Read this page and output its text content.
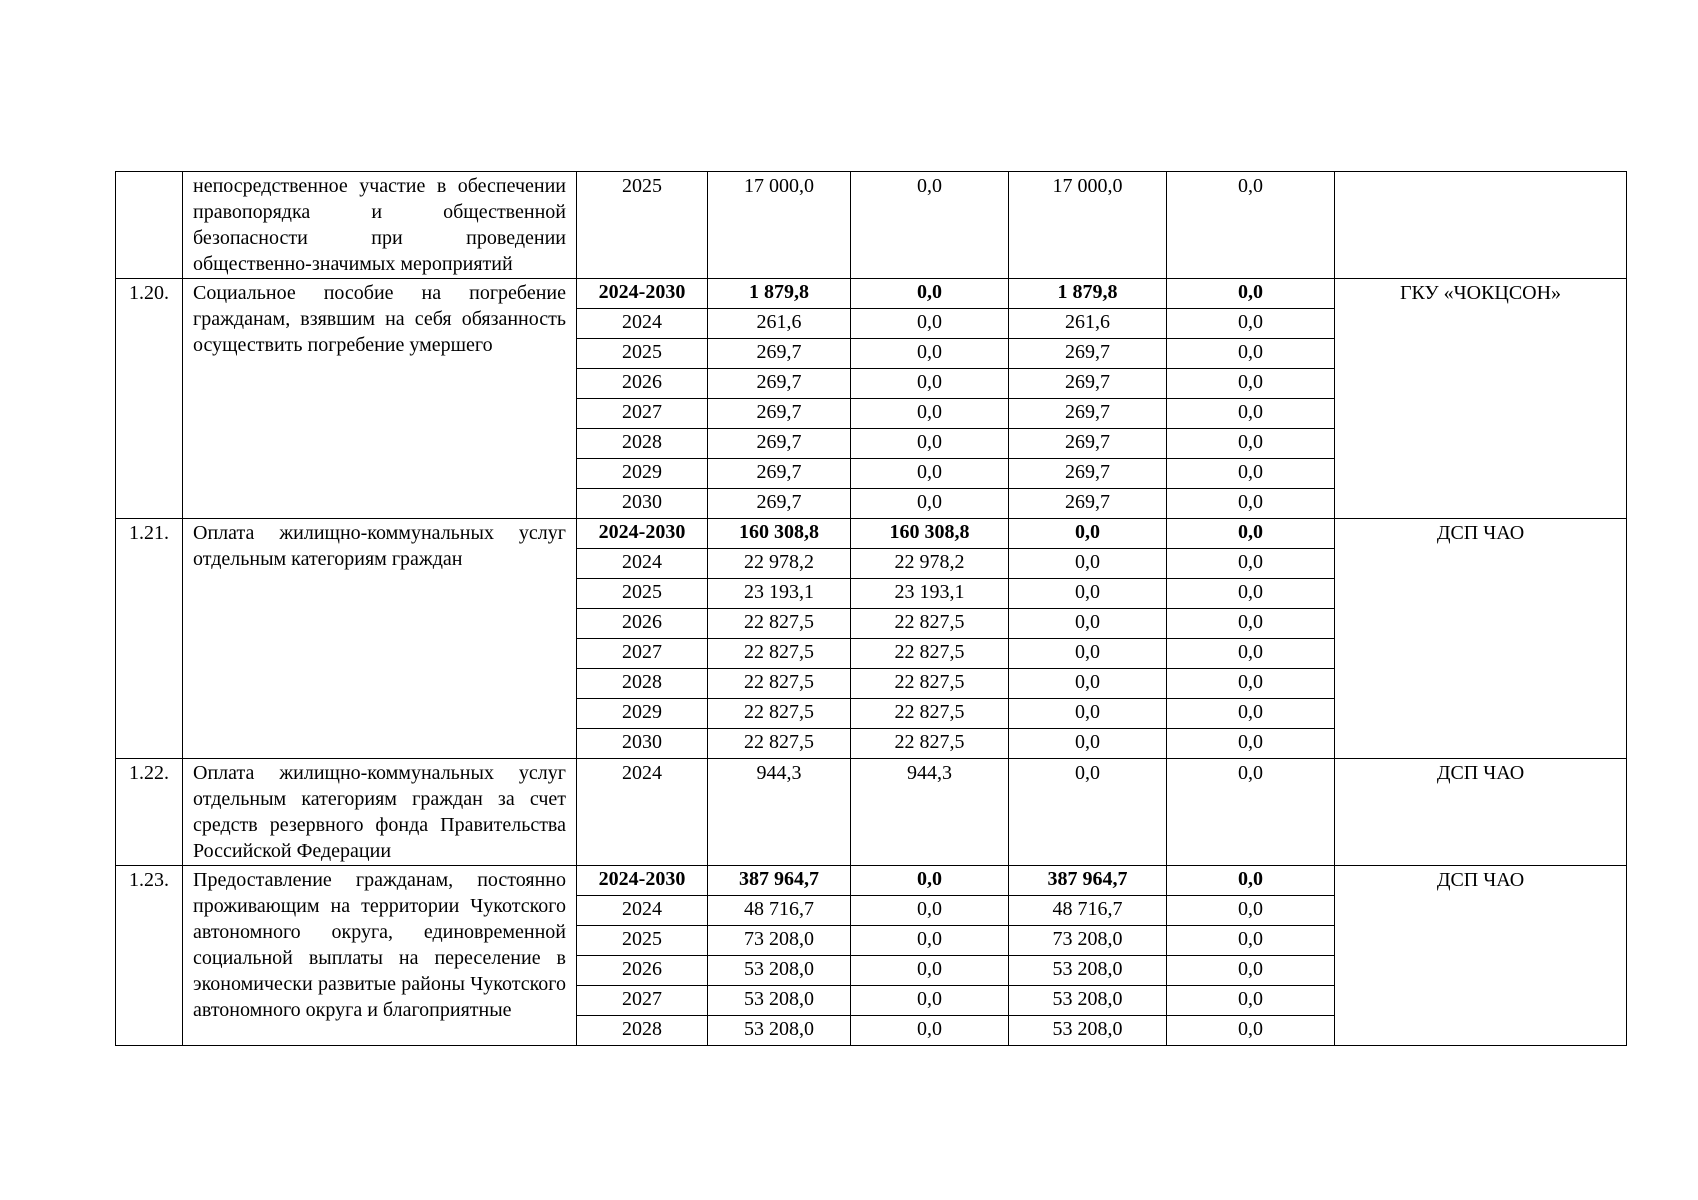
	непосредственное участие в обеспечении правопорядка и общественной безопасности при проведении общественно-значимых мероприятий	2025	17 000,0	0,0	17 000,0	0,0	
1.20.	Социальное пособие на погребение гражданам, взявшим на себя обязанность осуществить погребение умершего	2024-2030	1 879,8	0,0	1 879,8	0,0	ГКУ «ЧОКЦСОН»
		2024	261,6	0,0	261,6	0,0	
		2025	269,7	0,0	269,7	0,0	
		2026	269,7	0,0	269,7	0,0	
		2027	269,7	0,0	269,7	0,0	
		2028	269,7	0,0	269,7	0,0	
		2029	269,7	0,0	269,7	0,0	
		2030	269,7	0,0	269,7	0,0	
1.21.	Оплата жилищно-коммунальных услуг отдельным категориям граждан	2024-2030	160 308,8	160 308,8	0,0	0,0	ДСП ЧАО
		2024	22 978,2	22 978,2	0,0	0,0	
		2025	23 193,1	23 193,1	0,0	0,0	
		2026	22 827,5	22 827,5	0,0	0,0	
		2027	22 827,5	22 827,5	0,0	0,0	
		2028	22 827,5	22 827,5	0,0	0,0	
		2029	22 827,5	22 827,5	0,0	0,0	
		2030	22 827,5	22 827,5	0,0	0,0	
1.22.	Оплата жилищно-коммунальных услуг отдельным категориям граждан за счет средств резервного фонда Правительства Российской Федерации	2024	944,3	944,3	0,0	0,0	ДСП ЧАО
1.23.	Предоставление гражданам, постоянно проживающим на территории Чукотского автономного округа, единовременной социальной выплаты на переселение в экономически развитые районы Чукотского автономного округа и благоприятные	2024-2030	387 964,7	0,0	387 964,7	0,0	ДСП ЧАО
		2024	48 716,7	0,0	48 716,7	0,0	
		2025	73 208,0	0,0	73 208,0	0,0	
		2026	53 208,0	0,0	53 208,0	0,0	
		2027	53 208,0	0,0	53 208,0	0,0	
		2028	53 208,0	0,0	53 208,0	0,0	
